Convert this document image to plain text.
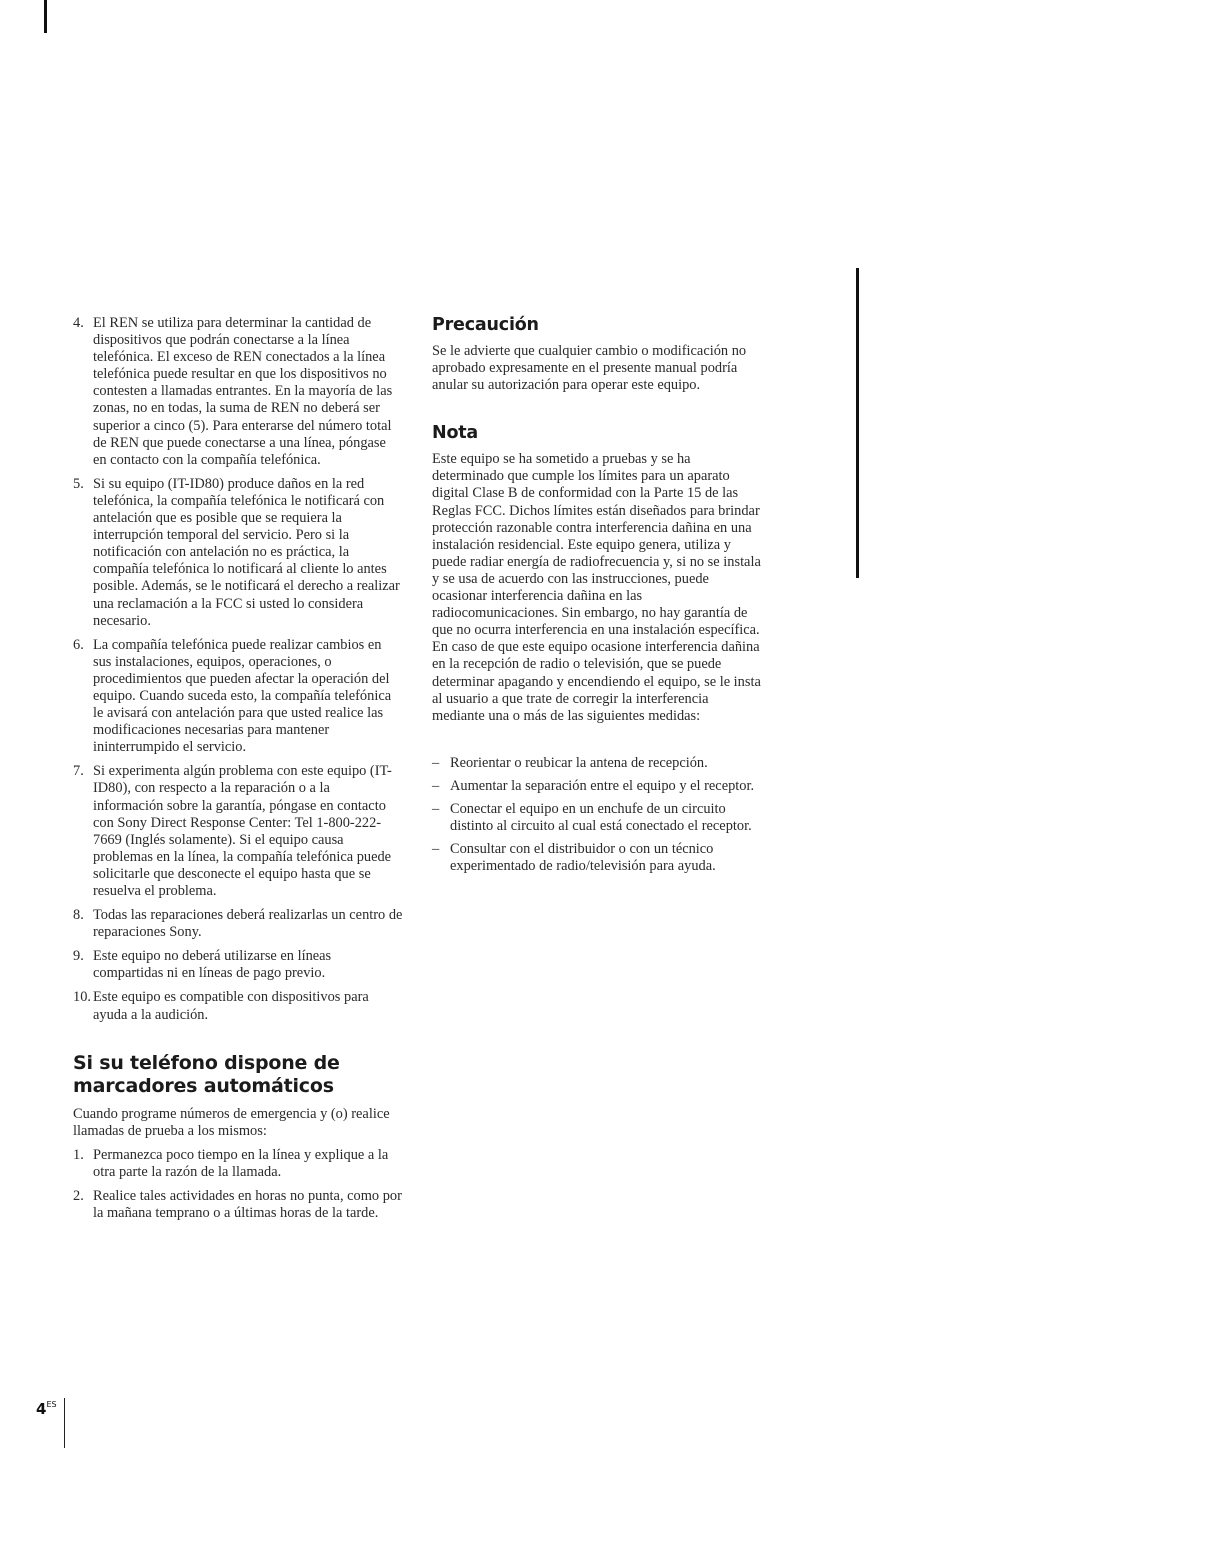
4. El REN se utiliza para determinar la cantidad de dispositivos que podrán conectarse a la línea telefónica. El exceso de REN conectados a la línea telefónica puede resultar en que los dispositivos no contesten a llamadas entrantes. En la mayoría de las zonas, no en todas, la suma de REN no deberá ser superior a cinco (5). Para enterarse del número total de REN que puede conectarse a una línea, póngase en contacto con la compañía telefónica.
5. Si su equipo (IT-ID80) produce daños en la red telefónica, la compañía telefónica le notificará con antelación que es posible que se requiera la interrupción temporal del servicio. Pero si la notificación con antelación no es práctica, la compañía telefónica lo notificará al cliente lo antes posible. Además, se le notificará el derecho a realizar una reclamación a la FCC si usted lo considera necesario.
6. La compañía telefónica puede realizar cambios en sus instalaciones, equipos, operaciones, o procedimientos que pueden afectar la operación del equipo. Cuando suceda esto, la compañía telefónica le avisará con antelación para que usted realice las modificaciones necesarias para mantener ininterrumpido el servicio.
7. Si experimenta algún problema con este equipo (IT-ID80), con respecto a la reparación o a la información sobre la garantía, póngase en contacto con Sony Direct Response Center: Tel 1-800-222-7669 (Inglés solamente). Si el equipo causa problemas en la línea, la compañía telefónica puede solicitarle que desconecte el equipo hasta que se resuelva el problema.
8. Todas las reparaciones deberá realizarlas un centro de reparaciones Sony.
9. Este equipo no deberá utilizarse en líneas compartidas ni en líneas de pago previo.
10. Este equipo es compatible con dispositivos para ayuda a la audición.
Si su teléfono dispone de
marcadores automáticos

Cuando programe números de emergencia y (o) realice llamadas de prueba a los mismos:

1. Permanezca poco tiempo en la línea y explique a la otra parte la razón de la llamada.
2. Realice tales actividades en horas no punta, como por la mañana temprano o a últimas horas de la tarde.
Precaución

Se le advierte que cualquier cambio o modificación no aprobado expresamente en el presente manual podría anular su autorización para operar este equipo.

Nota

Este equipo se ha sometido a pruebas y se ha determinado que cumple los límites para un aparato digital Clase B de conformidad con la Parte 15 de las Reglas FCC. Dichos límites están diseñados para brindar protección razonable contra interferencia dañina en una instalación residencial. Este equipo genera, utiliza y puede radiar energía de radiofrecuencia y, si no se instala y se usa de acuerdo con las instrucciones, puede ocasionar interferencia dañina en las radiocomunicaciones. Sin embargo, no hay garantía de que no ocurra interferencia en una instalación específica. En caso de que este equipo ocasione interferencia dañina en la recepción de radio o televisión, que se puede determinar apagando y encendiendo el equipo, se le insta al usuario a que trate de corregir la interferencia mediante una o más de las siguientes medidas:

– Reorientar o reubicar la antena de recepción.
– Aumentar la separación entre el equipo y el receptor.
– Conectar el equipo en un enchufe de un circuito distinto al circuito al cual está conectado el receptor.
– Consultar con el distribuidor o con un técnico experimentado de radio/televisión para ayuda.
$4^{ES}$
